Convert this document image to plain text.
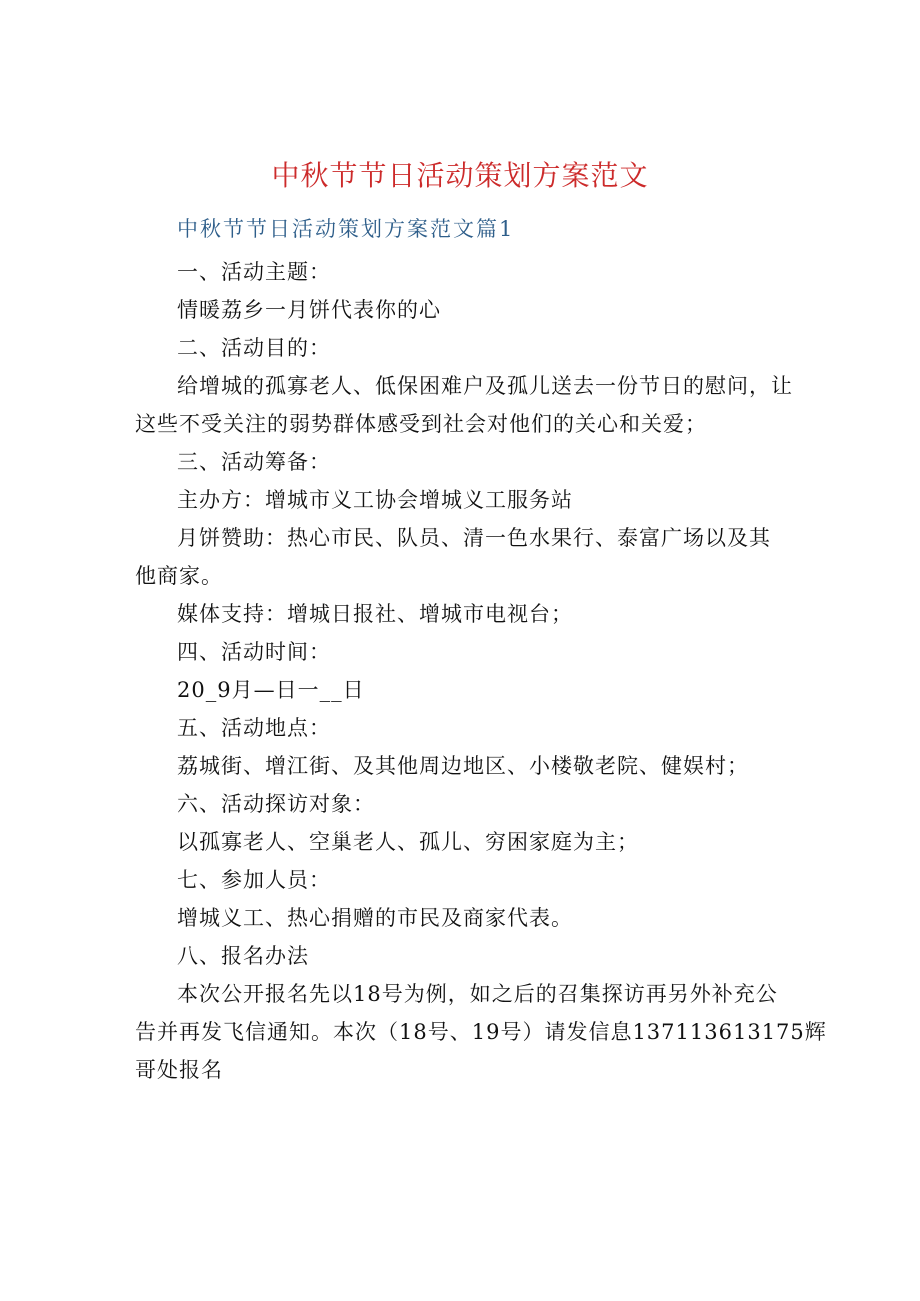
中秋节节日活动策划方案范文
中秋节节日活动策划方案范文篇1

一、活动主题：

情暖荔乡一月饼代表你的心

二、活动目的：

给增城的孤寡老人、低保困难户及孤儿送去一份节日的慰问，让

这些不受关注的弱势群体感受到社会对他们的关心和关爱；

三、活动筹备：

主办方：增城市义工协会增城义工服务站

月饼赞助：热心市民、队员、清一色水果行、泰富广场以及其

他商家。

媒体支持：增城日报社、增城市电视台；

四、活动时间：

20_9月—日一__日

五、活动地点：

荔城街、增江街、及其他周边地区、小楼敬老院、健娱村；

六、活动探访对象：

以孤寡老人、空巢老人、孤儿、穷困家庭为主；

七、参加人员：

增城义工、热心捐赠的市民及商家代表。

八、报名办法

本次公开报名先以18号为例，如之后的召集探访再另外补充公

告并再发飞信通知。本次（18号、19号）请发信息137113613175辉

哥处报名
